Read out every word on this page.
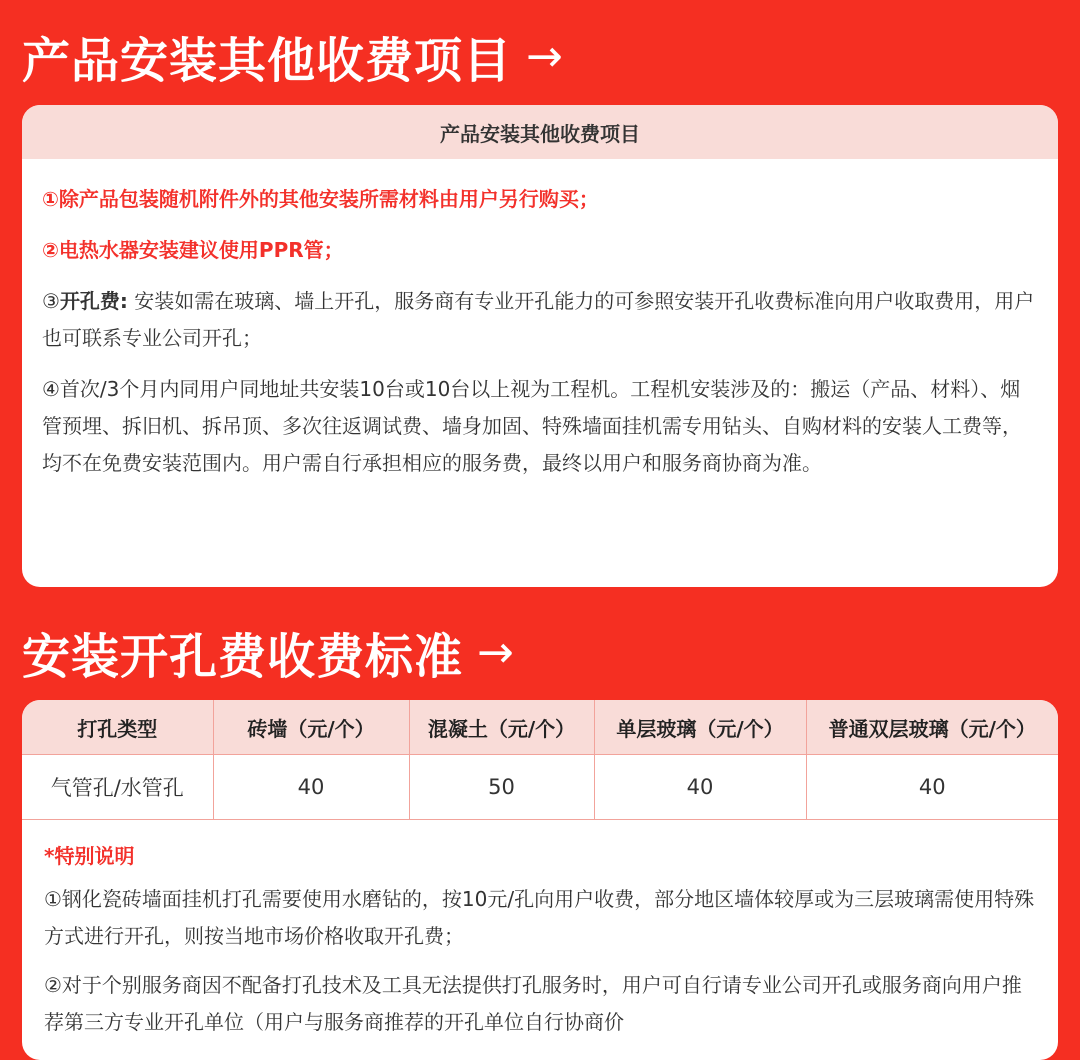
产品安装其他收费项目 →
产品安装其他收费项目
①除产品包装随机附件外的其他安装所需材料由用户另行购买；
②电热水器安装建议使用PPR管；
③开孔费: 安装如需在玻璃、墙上开孔，服务商有专业开孔能力的可参照安装开孔收费标准向用户收取费用，用户也可联系专业公司开孔；
④首次/3个月内同用户同地址共安装10台或10台以上视为工程机。工程机安装涉及的：搬运（产品、材料）、烟管预埋、拆旧机、拆吊顶、多次往返调试费、墙身加固、特殊墙面挂机需专用钻头、自购材料的安装人工费等，均不在免费安装范围内。用户需自行承担相应的服务费，最终以用户和服务商协商为准。
安装开孔费收费标准 →
打孔类型	砖墙（元/个）	混凝土（元/个）	单层玻璃（元/个）	普通双层玻璃（元/个）
气管孔/水管孔	40	50	40	40
*特别说明
①钢化瓷砖墙面挂机打孔需要使用水磨钻的，按10元/孔向用户收费，部分地区墙体较厚或为三层玻璃需使用特殊方式进行开孔，则按当地市场价格收取开孔费；
②对于个别服务商因不配备打孔技术及工具无法提供打孔服务时，用户可自行请专业公司开孔或服务商向用户推荐第三方专业开孔单位（用户与服务商推荐的开孔单位自行协商价
